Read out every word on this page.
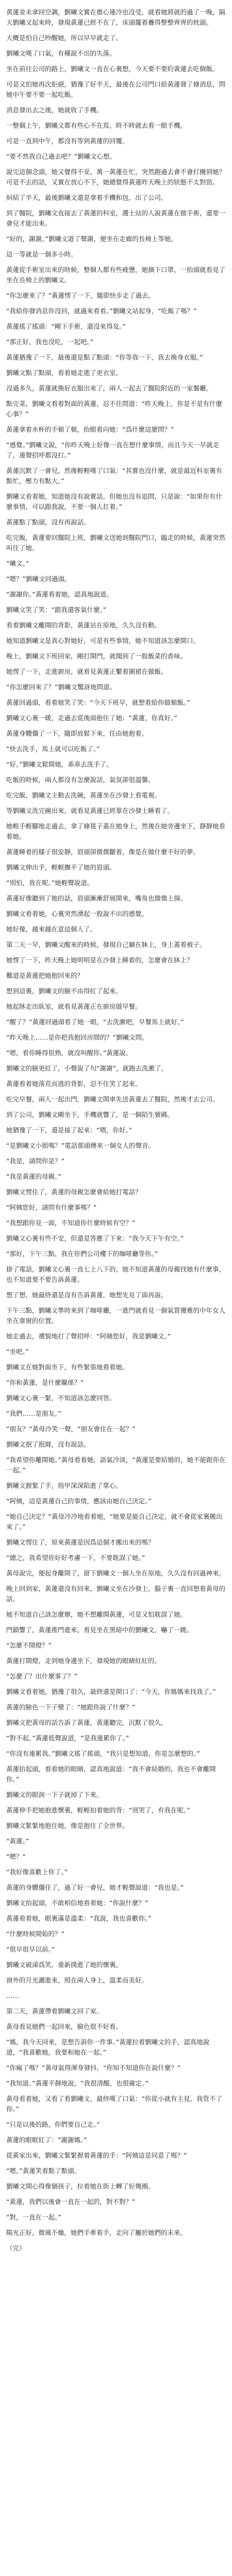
黄蓮並未拿回空調，劉曦文實在擔心連冷也沒受，就看她將就的過了一晚，隔天劉曦文起來時，發現黃蓮已經不在了，床頭擺着疊得整整齊齊的枕頭。

大概是怕自己吵醒她，所以早早就走了。

劉曦文嘆了口氣，有種說不出的失落。

坐在前往公司的路上，劉曦文一直在心裏想，今天要不要約黃蓮去吃個飯。

可是又怕她再次拒絕，猶豫了好半天，最後在公司門口給黃蓮發了條消息，問她中午要不要一起吃飯。

消息發出去之後，她就收了手機。

一整個上午，劉曦文都有些心不在焉，時不時就去看一眼手機。

可是一直到中午，都沒有等到黃蓮的回覆。

“要不然我自己過去吧？”劉曦文心想。

說完這個念頭，她又覺得不妥，萬一黃蓮在忙，突然跑過去會不會打擾到她？可是不去的話，又實在放心不下，她總覺得黃蓮昨天晚上的狀態不太對勁。

糾結了半天，最後劉曦文還是拿着手機和包，出了公司。

到了醫院，劉曦文直接去了黃蓮的科室，護士站的人說黃蓮在做手術，還要一會兒才能出來。

“好的，謝謝。”劉曦文道了聲謝，便坐在走廊的長椅上等她。

這一等就是一個多小時。

黃蓮從手術室出來的時候，整個人都有些疲憊，她摘下口罩，一抬頭就看見了坐在長椅上的劉曦文。

“你怎麼來了？”黃蓮愣了一下，隨即快步走了過去。

“我給你發消息你沒回，就過來看看。”劉曦文站起身，“吃飯了嗎？”

黃蓮搖了搖頭：“剛下手術，還沒來得及。”

“那正好，我也沒吃，一起吧。”

黃蓮猶豫了一下，最後還是點了點頭：“你等我一下，我去換身衣服。”

劉曦文點了點頭，看着她走進了更衣室。

沒過多久，黃蓮就換好衣服出來了，兩人一起去了醫院附近的一家餐廳。

點完菜，劉曦文看着對面的黃蓮，忍不住問道：“昨天晚上，你是不是有什麼心事？”

黃蓮拿着水杯的手頓了頓，抬眼看向她：“爲什麼這麼問？”

“感覺。”劉曦文說，“你昨天晚上好像一直在想什麼事情，而且今天一早就走了，連聲招呼都沒打。”

黃蓮沉默了一會兒，然後輕輕嘆了口氣：“其實也沒什麼，就是最近科室裏有點忙，壓力有點大。”

劉曦文看着她，知道她沒有說實話，但她也沒有追問，只是說：“如果你有什麼事情，可以跟我說，不要一個人扛着。”

黃蓮點了點頭，沒有再說話。

吃完飯，黃蓮要回醫院上班，劉曦文送她到醫院門口，臨走的時候，黃蓮突然叫住了她。

“曦文。”

“嗯？”劉曦文回過頭。

“謝謝你。”黃蓮看着她，認真地說道。

劉曦文笑了笑：“跟我還客氣什麼。”

看着劉曦文離開的背影，黃蓮站在原地，久久沒有動。

她知道劉曦文是真心對她好，可是有些事情，她不知道該怎麼開口。

晚上，劉曦文下班回家，剛打開門，就聞到了一股飯菜的香味。

她愣了一下，走進廚房，就看見黃蓮正繫着圍裙在做飯。

“你怎麼回來了？”劉曦文驚訝地問道。

黃蓮回過頭，看着她笑了笑：“今天下班早，就想着給你做頓飯。”

劉曦文心裏一暖，走過去從後面抱住了她：“黃蓮，你真好。”

黃蓮身體僵了一下，隨即放鬆下來，任由她抱着。

“快去洗手，馬上就可以吃飯了。”

“好。”劉曦文鬆開她，乖乖去洗手了。

吃飯的時候，兩人都沒有怎麼說話，氣氛卻很溫馨。

吃完飯，劉曦文主動去洗碗，黃蓮坐在沙發上看電視。

等劉曦文洗完碗出來，就看見黃蓮已經靠在沙發上睡着了。

她輕手輕腳地走過去，拿了條毯子蓋在她身上，然後在她旁邊坐下，靜靜地看着她。

黃蓮睡着的樣子很安靜，眉頭卻微微皺着，像是在做什麼不好的夢。

劉曦文伸出手，輕輕撫平了她的眉頭。

“別怕，我在呢。”她輕聲說道。

黃蓮好像聽到了她的話，眉頭漸漸舒展開來，嘴角也微微上揚。

劉曦文看着她，心裏突然湧起一股說不出的感覺。

她好像，越來越在意這個人了。

第二天一早，劉曦文醒來的時候，發現自己躺在牀上，身上蓋着被子。

她愣了一下，昨天晚上她明明是在沙發上睡着的，怎麼會在牀上？

難道是黃蓮把她抱回來的？

想到這裏，劉曦文的臉不由得紅了起來。

她起牀走出臥室，就看見黃蓮正在廚房做早餐。

“醒了？”黃蓮回過頭看了她一眼，“去洗漱吧，早餐馬上就好。”

“昨天晚上……是你把我抱回房間的？”劉曦文問。

“嗯，看你睡得很熟，就沒叫醒你。”黃蓮說。

劉曦文的臉更紅了，小聲說了句“謝謝”，就跑去洗漱了。

黃蓮看着她落荒而逃的背影，忍不住笑了起來。

吃完早餐，兩人一起出門，劉曦文開車先送黃蓮去了醫院，然後才去公司。

到了公司，劉曦文剛坐下，手機就響了，是一個陌生號碼。

她猶豫了一下，還是接了起來：“喂，你好。”

“是劉曦文小姐嗎？”電話那頭傳來一個女人的聲音。

“我是，請問你是？”

“我是黃蓮的母親。”

劉曦文愣住了，黃蓮的母親怎麼會給她打電話？

“阿姨您好，請問有什麼事嗎？”

“我想跟你見一面，不知道你什麼時候有空？”

劉曦文心裏有些不安，但還是答應了下來：“我今天下午有空。”

“那好，下午三點，我在你們公司樓下的咖啡廳等你。”

掛了電話，劉曦文心裏一直七上八下的，她不知道黃蓮的母親找她有什麼事，也不知道要不要告訴黃蓮。

想了想，她最終還是沒有告訴黃蓮，她想先見了面再說。

下午三點，劉曦文準時來到了咖啡廳，一進門就看見一個氣質優雅的中年女人坐在靠窗的位置。

她走過去，禮貌地打了聲招呼：“阿姨您好，我是劉曦文。”

“坐吧。”

劉曦文在她對面坐下，有些緊張地看着她。

“你和黃蓮，是什麼關係？”

劉曦文心裏一緊，不知道該怎麼回答。

“我們……是朋友。”

“朋友？”黃母冷笑一聲，“朋友會住在一起？”

劉曦文抿了抿脣，沒有說話。

“我希望你離開她。”黃母看着她，語氣冷淡，“黃蓮是要結婚的，她不能跟你在一起。”

劉曦文握緊了手，指甲深深陷進了掌心。

“阿姨，這是黃蓮自己的事情，應該由她自己決定。”

“她自己決定？”黃母冷冷地看着她，“她要是能自己決定，就不會從家裏搬出來了。”

劉曦文愣住了，原來黃蓮是因爲這個才搬出來的嗎？

“總之，我希望你好好考慮一下，不要耽誤了她。”

黃母說完，便起身離開了，留下劉曦文一個人坐在原地，久久沒有回過神來。

晚上回到家，黃蓮還沒有回來，劉曦文坐在沙發上，腦子裏一直回想着黃母的話。

她不知道自己該怎麼辦，她不想離開黃蓮，可是又怕耽誤了她。

門鎖響了，黃蓮推門進來，看見坐在黑暗中的劉曦文，嚇了一跳。

“怎麼不開燈？”

黃蓮打開燈，走到她身邊坐下，發現她的眼睛紅紅的。

“怎麼了？出什麼事了？”

劉曦文看着她，猶豫了很久，最終還是開口了：“今天，你媽媽來找我了。”

黃蓮的臉色一下子變了：“她跟你說了什麼？”

劉曦文把黃母的話告訴了黃蓮，黃蓮聽完，沉默了很久。

“對不起。”黃蓮低聲說道，“是我連累你了。”

“你沒有連累我。”劉曦文搖了搖頭，“我只是想知道，你是怎麼想的。”

黃蓮抬起頭，看着她的眼睛，認真地說道：“我不會結婚的，我也不會離開你。”

劉曦文的眼淚一下子就掉了下來。

黃蓮伸手把她抱進懷裏，輕輕拍着她的背：“別哭了，有我在呢。”

劉曦文緊緊地抱住她，像是抱住了全世界。

“黃蓮。”

“嗯？”

“我好像喜歡上你了。”

黃蓮的身體僵住了，過了好一會兒，她才輕聲說道：“我也是。”

劉曦文抬起頭，不敢相信地看着她：“你說什麼？”

黃蓮看着她，眼裏滿是溫柔：“我說，我也喜歡你。”

“什麼時候開始的？”

“很早很早以前。”

劉曦文破涕爲笑，重新撲進了她的懷裏。

窗外的月光灑進來，照在兩人身上，溫柔而美好。

……

第二天，黃蓮帶着劉曦文回了家。

黃母看見她們一起回來，臉色很不好看。

“媽，我今天回來，是想告訴你一件事。”黃蓮拉着劉曦文的手，認真地說道，“我喜歡她，我要和她在一起。”

“你瘋了嗎？”黃母氣得渾身發抖，“你知不知道你在說什麼？”

“我知道。”黃蓮平靜地說，“我很清醒，也很確定。”

黃母看着她，又看了看劉曦文，最終嘆了口氣：“你從小就有主見，我管不了你。”

“只是以後的路，你們要自己走。”

黃蓮的眼眶紅了：“謝謝媽。”

從黃家出來，劉曦文緊緊握着黃蓮的手：“阿姨這是同意了嗎？”

“嗯。”黃蓮笑着點了點頭。

劉曦文開心得像個孩子，拉着她在街上轉了好幾圈。

“黃蓮，我們以後會一直在一起的，對不對？”

“對，一直在一起。”

陽光正好，微風不燥，她們手牽着手，走向了屬於她們的未來。

（完）
